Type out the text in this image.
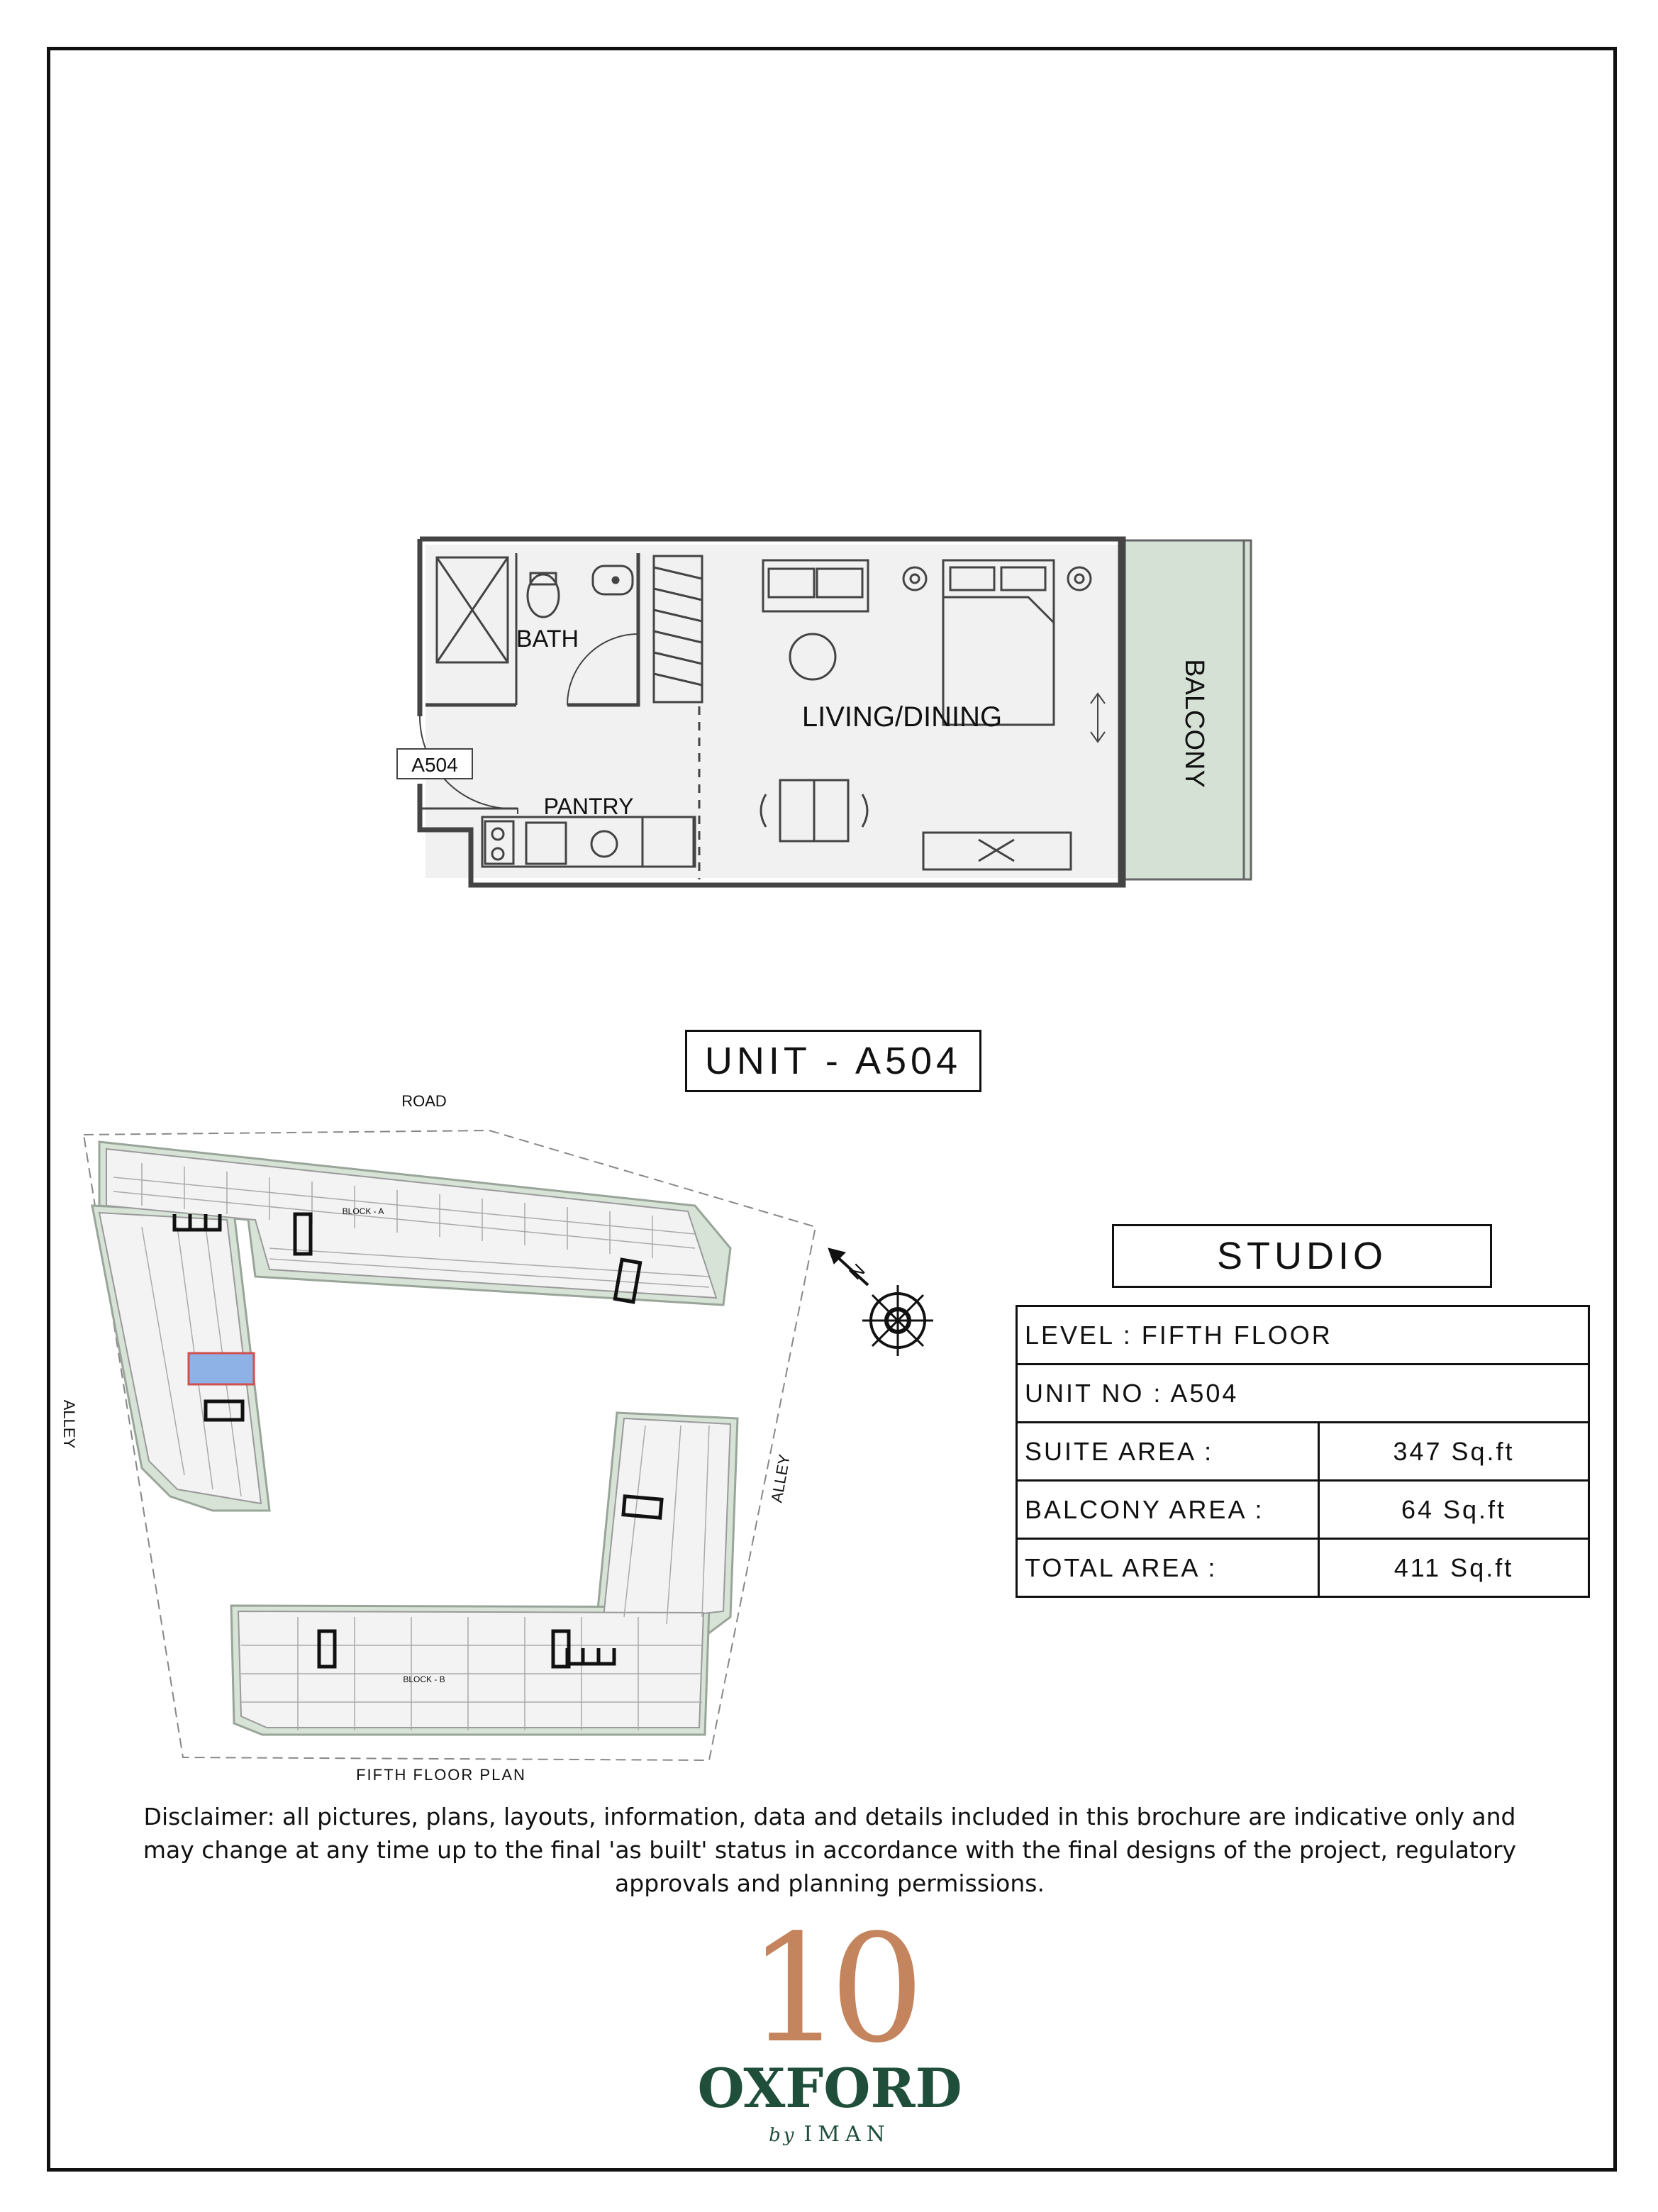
BATH
LIVING/DINING
PANTRY
BALCONY
A504
UNIT - A504
N
ROAD
ALLEY
ALLEY
BLOCK - A
BLOCK - B
FIFTH FLOOR PLAN
STUDIO
LEVEL : FIFTH FLOOR	
UNIT NO : A504	
SUITE AREA :	347 Sq.ft
BALCONY AREA :	64 Sq.ft
TOTAL AREA :	411 Sq.ft
Disclaimer: all pictures, plans, layouts, information, data and details included in this brochure are indicative only and may change at any time up to the final 'as built' status in accordance with the final designs of the project, regulatory approvals and planning permissions.
10
OXFORD
by IMAN
